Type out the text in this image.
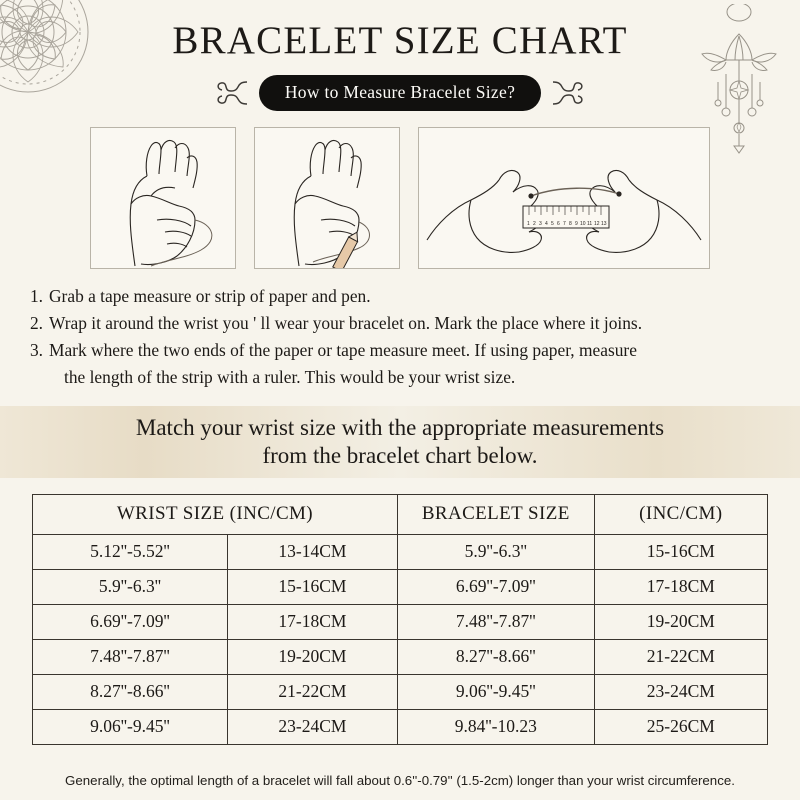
BRACELET SIZE CHART
How to Measure Bracelet Size?
1 2 3 4 5 6 7 8 9 10 11 12 13
1. Grab a tape measure or strip of paper and pen.
2. Wrap it around the wrist you ' ll wear your bracelet on. Mark the place where it joins.
3. Mark where the two ends of the paper or tape measure meet. If using paper, measure
the length of the strip with a ruler. This would be your wrist size.
Match your wrist size with the appropriate measurements
from the bracelet chart below.
WRIST SIZE (INC/CM)		BRACELET SIZE	(INC/CM)
5.12''-5.52''	13-14CM	5.9''-6.3''	15-16CM
5.9''-6.3''	15-16CM	6.69''-7.09''	17-18CM
6.69''-7.09''	17-18CM	7.48''-7.87''	19-20CM
7.48''-7.87''	19-20CM	8.27''-8.66''	21-22CM
8.27''-8.66''	21-22CM	9.06''-9.45''	23-24CM
9.06''-9.45''	23-24CM	9.84''-10.23	25-26CM
Generally, the optimal length of a bracelet will fall about 0.6''-0.79'' (1.5-2cm) longer than your wrist circumference.
